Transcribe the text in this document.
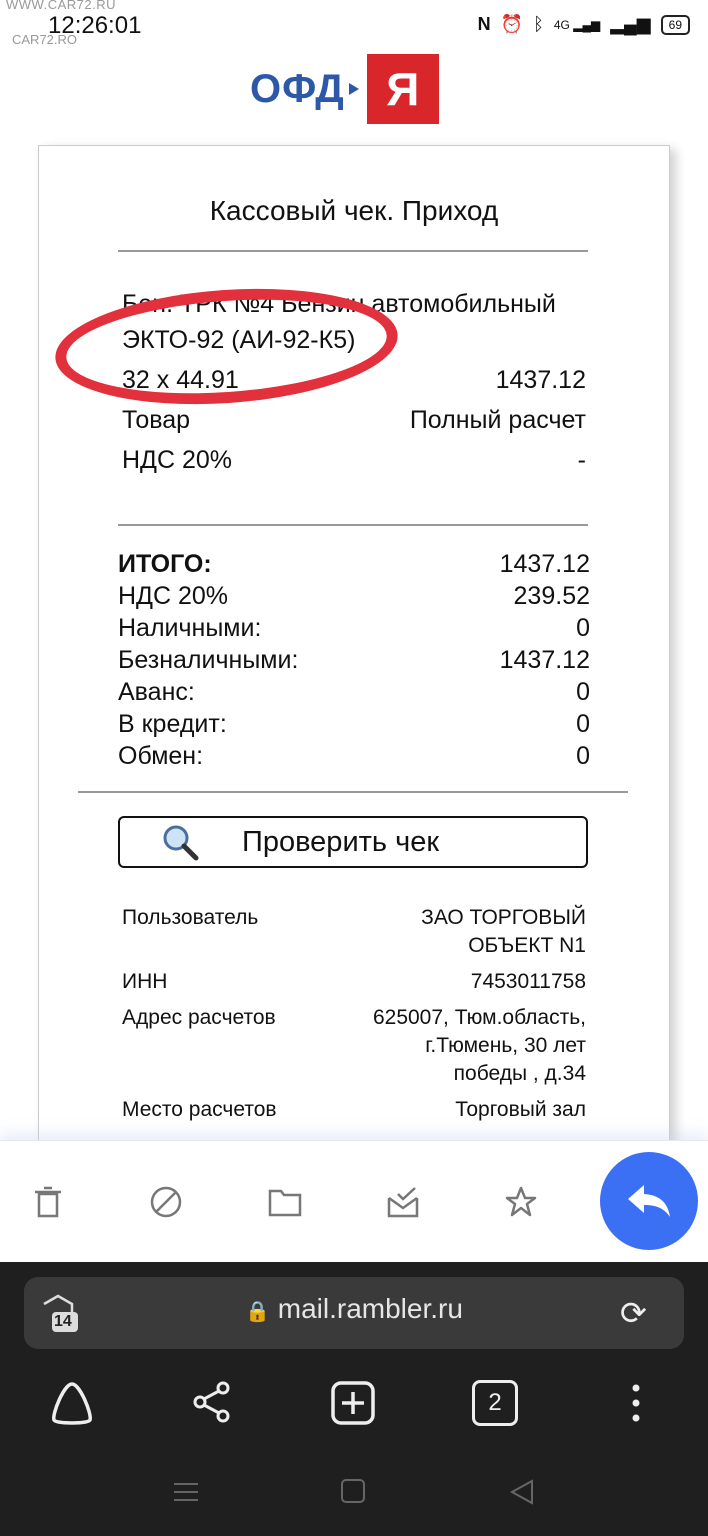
WWW.CAR72.RU
CAR72.RO
12:26:01	N ⏰ ᛒ 4G ▂▄▆ ▂▄▆	69
ОФД Я
Кассовый чек. Приход
Бен. ТРК №4 Бензин автомобильный
ЭКТО-92 (АИ-92-К5)
32 x 44.91	1437.12
Товар	Полный расчет
НДС 20%	-
ИТОГО:	1437.12
НДС 20%	239.52
Наличными:	0
Безналичными:	1437.12
Аванс:	0
В кредит:	0
Обмен:	0
Проверить чек
Пользователь	ЗАО ТОРГОВЫЙ
ОБЪЕКТ N1
ИНН	7453011758
Адрес расчетов	625007, Тюм.область,
г.Тюмень, 30 лет
победы , д.34
Место расчетов	Торговый зал
14	🔒 mail.rambler.ru	⟳
2
